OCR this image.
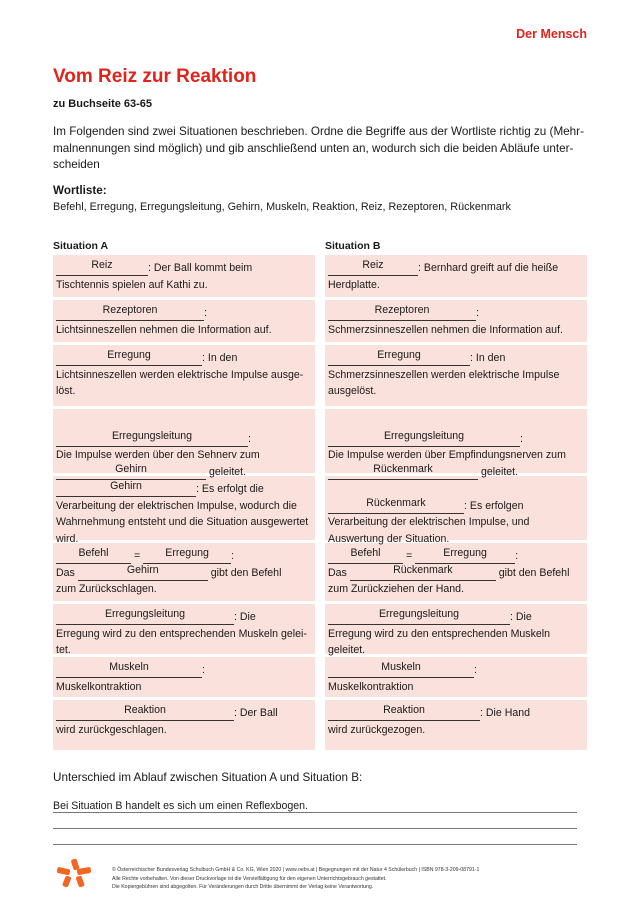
Der Mensch
Vom Reiz zur Reaktion
zu Buchseite 63-65

Im Folgenden sind zwei Situationen beschrieben. Ordne die Begriffe aus der Wortliste richtig zu (Mehr-malnennungen sind möglich) und gib anschließend unten an, wodurch sich die beiden Abläufe unter-scheiden

Wortliste:
Befehl, Erregung, Erregungsleitung, Gehirn, Muskeln, Reaktion, Reiz, Rezeptoren, Rückenmark
Situation A	Situation B
Reiz	: Der Ball kommt beim
Tischtennis spielen auf Kathi zu.
Rezeptoren	:
Lichtsinneszellen nehmen die Information auf.
Erregung	: In den
Lichtsinneszellen werden elektrische Impulse ausge-
löst.

Erregungsleitung	:
Die Impulse werden über den Sehnerv zum
Gehirn	geleitet.
Gehirn	: Es erfolgt die
Verarbeitung der elektrischen Impulse, wodurch die
Wahrnehmung entsteht und die Situation ausgewertet
wird.
Befehl = Erregung :
Das	Gehirn	gibt den Befehl
zum Zurückschlagen.
Erregungsleitung	: Die
Erregung wird zu den entsprechenden Muskeln gelei-
tet.
Muskeln	:
Muskelkontraktion
Reaktion	: Der Ball
wird zurückgeschlagen.
Reiz	: Bernhard greift auf die heiße
Herdplatte.
Rezeptoren	:
Schmerzsinneszellen nehmen die Information auf.
Erregung	: In den
Schmerzsinneszellen werden elektrische Impulse
ausgelöst.

Erregungsleitung	:
Die Impulse werden über Empfindungsnerven zum
Rückenmark	geleitet.

Rückenmark	: Es erfolgen
Verarbeitung der elektrischen Impulse, und
Auswertung der Situation.
Befehl =	Erregung	:
Das	Rückenmark	gibt den Befehl
zum Zurückziehen der Hand.
Erregungsleitung	: Die
Erregung wird zu den entsprechenden Muskeln
geleitet.
Muskeln	:
Muskelkontraktion
Reaktion	: Die Hand
wird zurückgezogen.
Unterschied im Ablauf zwischen Situation A und Situation B:
Bei Situation B handelt es sich um einen Reflexbogen.
© Österreichischer Bundesverlag Schulbuch GmbH & Co. KG, Wien 2020 | www.oebv.at | Begegnungen mit der Natur 4 Schülerbuch | ISBN 978-3-209-08791-1
Alle Rechte vorbehalten. Von dieser Druckvorlage ist die Vervielfältigung für den eigenen Unterrichtsgebrauch gestattet.
Die Kopiergebühren sind abgegolten. Für Veränderungen durch Dritte übernimmt der Verlag keine Verantwortung.
